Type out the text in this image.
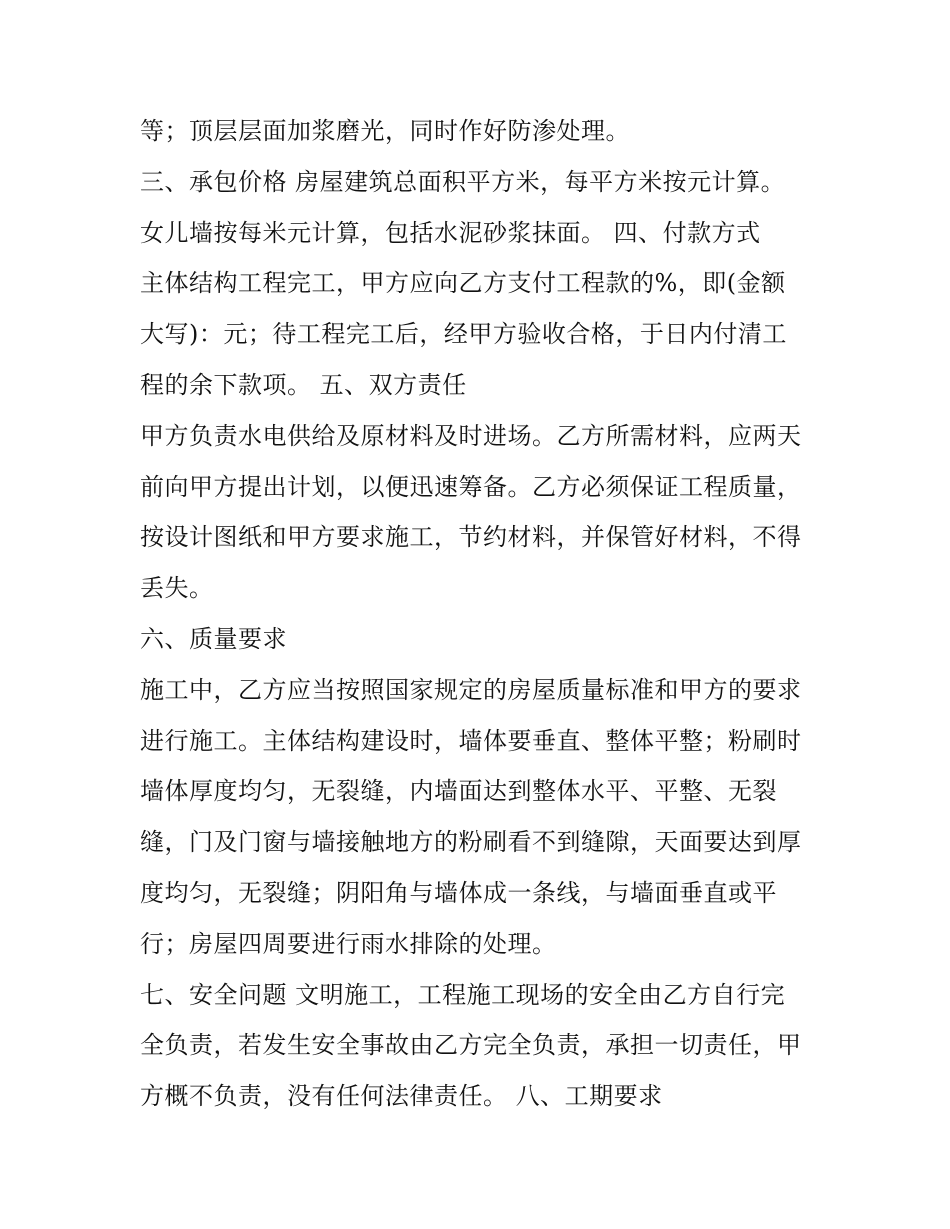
等；顶层层面加浆磨光，同时作好防渗处理。
三、承包价格 房屋建筑总面积平方米，每平方米按元计算。
女儿墙按每米元计算，包括水泥砂浆抹面。 四、付款方式
主体结构工程完工，甲方应向乙方支付工程款的%，即(金额
大写)：元；待工程完工后，经甲方验收合格，于日内付清工
程的余下款项。 五、双方责任
甲方负责水电供给及原材料及时进场。乙方所需材料，应两天
前向甲方提出计划，以便迅速筹备。乙方必须保证工程质量，
按设计图纸和甲方要求施工，节约材料，并保管好材料，不得
丢失。
六、质量要求
施工中，乙方应当按照国家规定的房屋质量标准和甲方的要求
进行施工。主体结构建设时，墙体要垂直、整体平整；粉刷时
墙体厚度均匀，无裂缝，内墙面达到整体水平、平整、无裂
缝，门及门窗与墙接触地方的粉刷看不到缝隙，天面要达到厚
度均匀，无裂缝；阴阳角与墙体成一条线，与墙面垂直或平
行；房屋四周要进行雨水排除的处理。
七、安全问题 文明施工，工程施工现场的安全由乙方自行完
全负责，若发生安全事故由乙方完全负责，承担一切责任，甲
方概不负责，没有任何法律责任。 八、工期要求
